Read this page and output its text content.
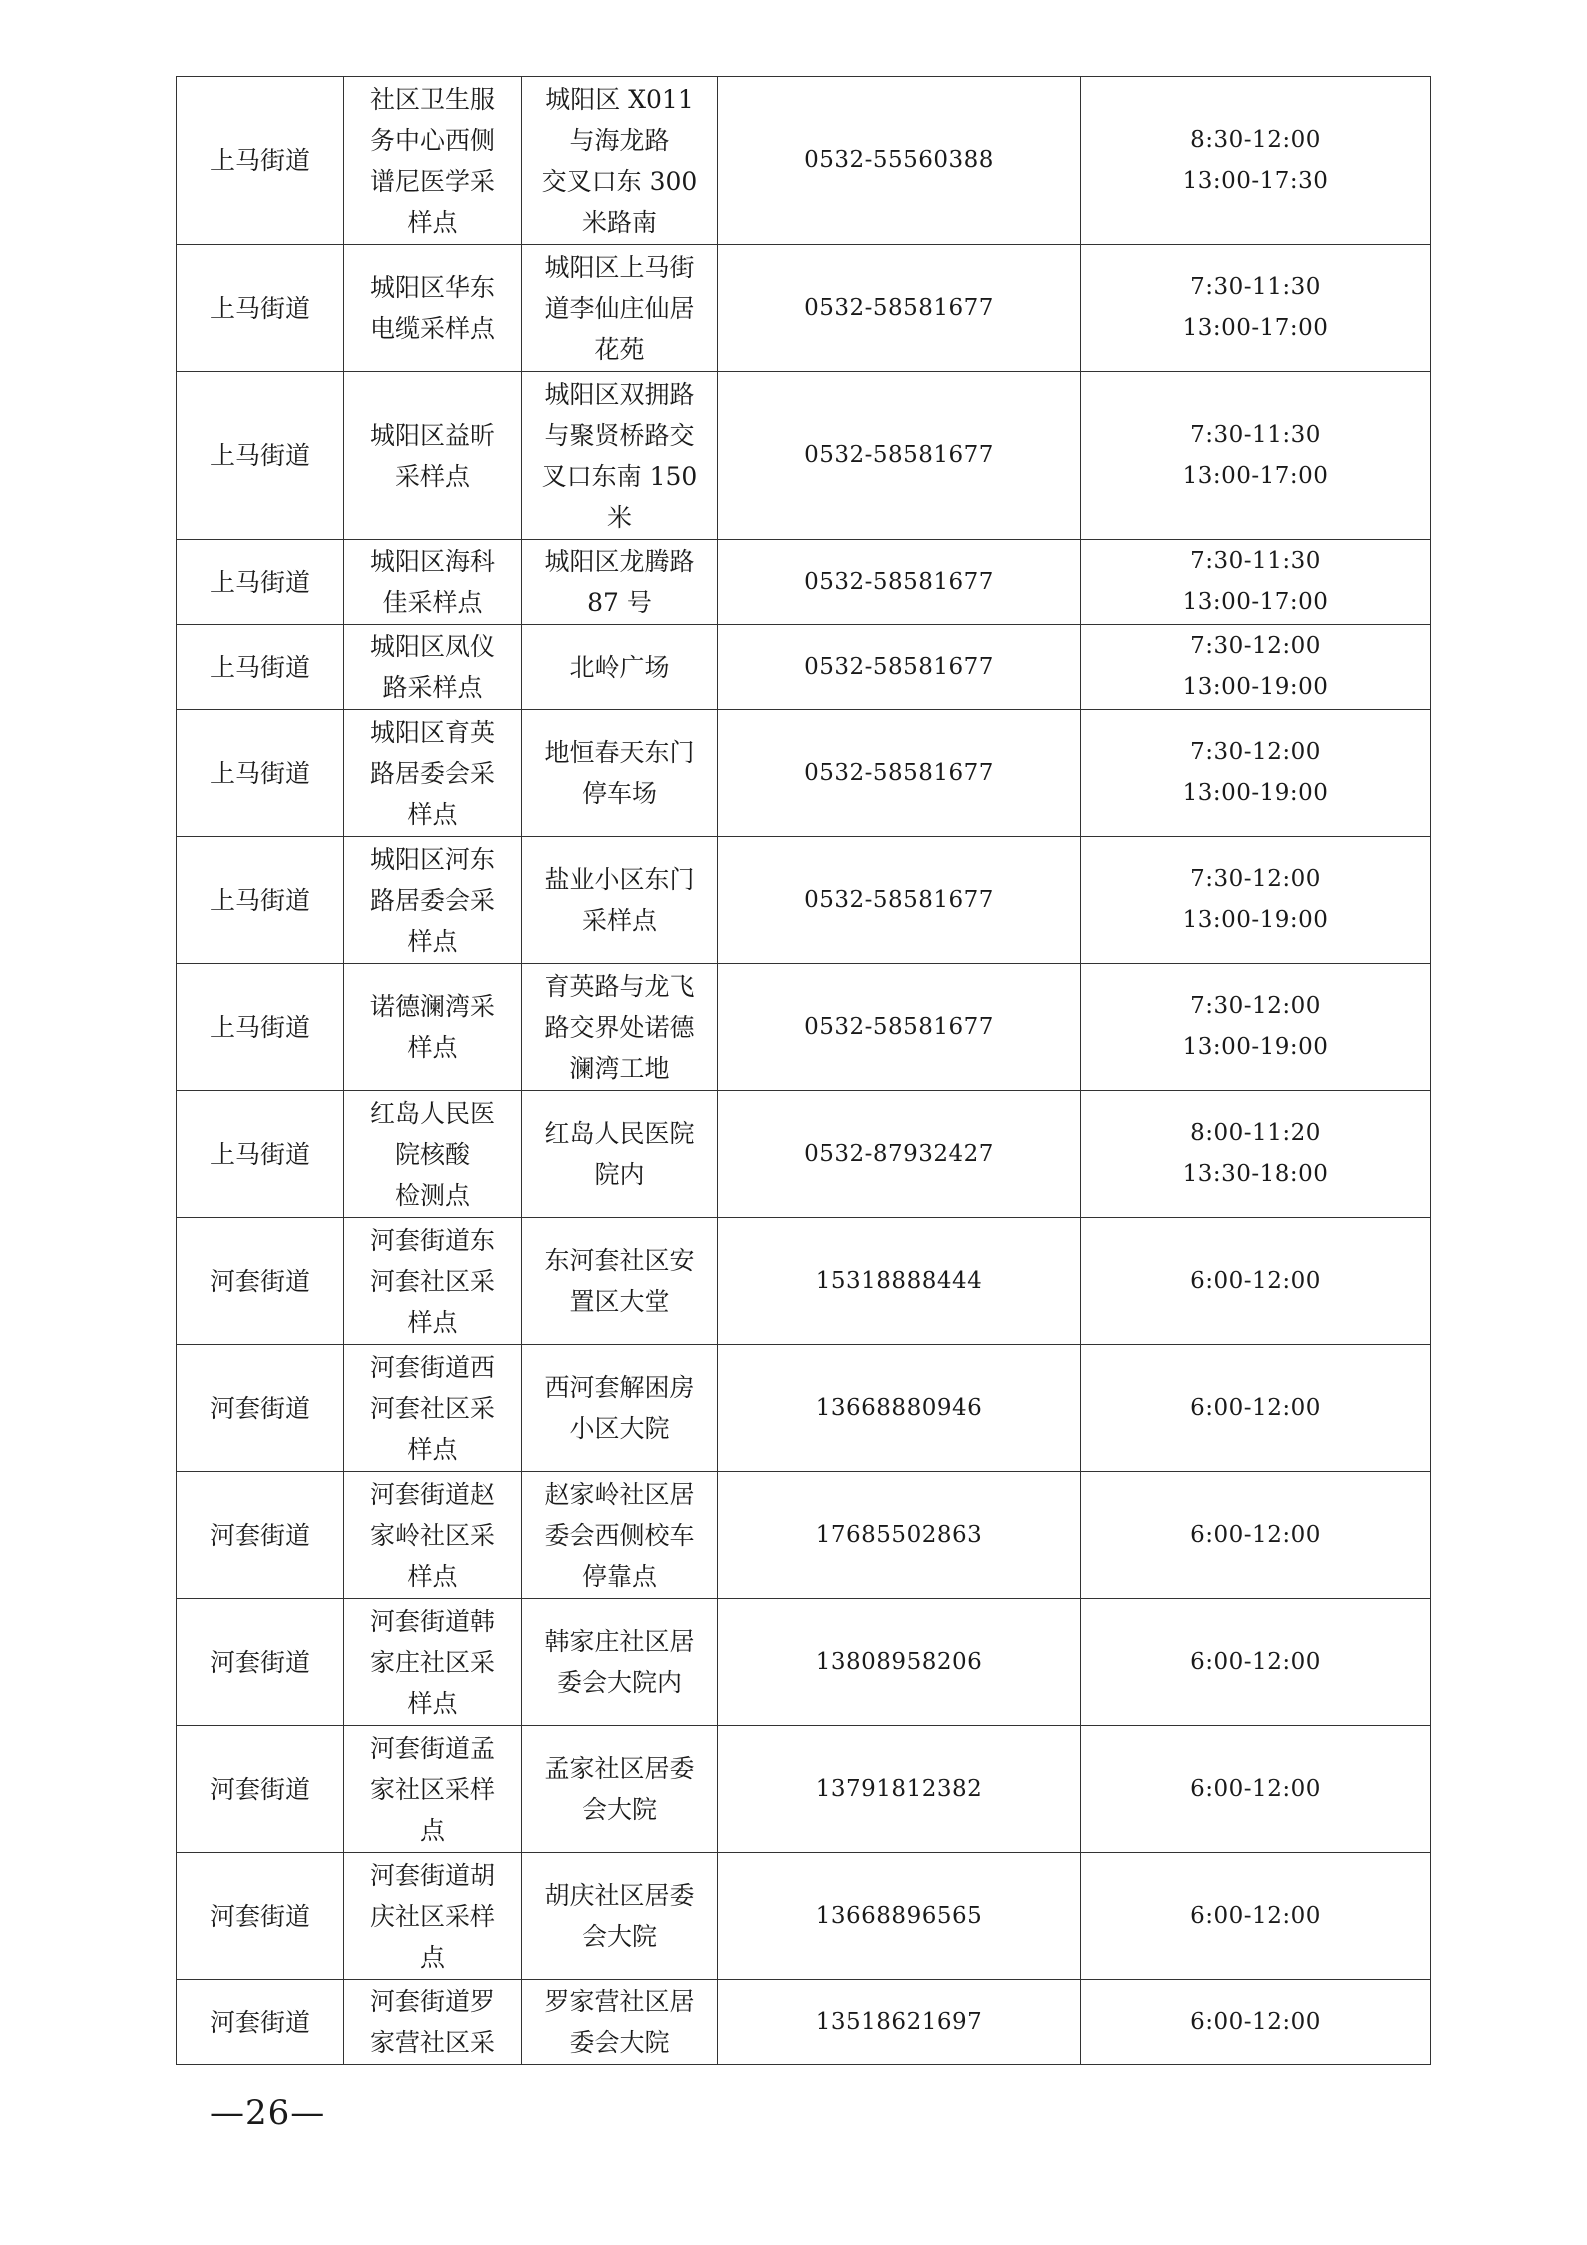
上马街道	社区卫生服
务中心西侧
谱尼医学采
样点	城阳区 X011
与海龙路
交叉口东 300
米路南	0532-55560388	8:30-12:00
13:00-17:30

上马街道	城阳区华东
电缆采样点	城阳区上马街
道李仙庄仙居
花苑	0532-58581677	7:30-11:30
13:00-17:00

上马街道	城阳区益昕
采样点	城阳区双拥路
与聚贤桥路交
叉口东南 150
米	0532-58581677	7:30-11:30
13:00-17:00

上马街道	城阳区海科
佳采样点	城阳区龙腾路
87 号	0532-58581677	7:30-11:30
13:00-17:00

上马街道	城阳区凤仪
路采样点	北岭广场	0532-58581677	7:30-12:00
13:00-19:00

上马街道	城阳区育英
路居委会采
样点	地恒春天东门
停车场	0532-58581677	7:30-12:00
13:00-19:00

上马街道	城阳区河东
路居委会采
样点	盐业小区东门
采样点	0532-58581677	7:30-12:00
13:00-19:00

上马街道	诺德澜湾采
样点	育英路与龙飞
路交界处诺德
澜湾工地	0532-58581677	7:30-12:00
13:00-19:00

上马街道	红岛人民医
院核酸
检测点	红岛人民医院
院内	0532-87932427	8:00-11:20
13:30-18:00

河套街道	河套街道东
河套社区采
样点	东河套社区安
置区大堂	15318888444	6:00-12:00

河套街道	河套街道西
河套社区采
样点	西河套解困房
小区大院	13668880946	6:00-12:00

河套街道	河套街道赵
家岭社区采
样点	赵家岭社区居
委会西侧校车
停靠点	17685502863	6:00-12:00

河套街道	河套街道韩
家庄社区采
样点	韩家庄社区居
委会大院内	13808958206	6:00-12:00

河套街道	河套街道孟
家社区采样
点	孟家社区居委
会大院	13791812382	6:00-12:00

河套街道	河套街道胡
庆社区采样
点	胡庆社区居委
会大院	13668896565	6:00-12:00

河套街道	河套街道罗
家营社区采	罗家营社区居
委会大院	13518621697	6:00-12:00
—26—
